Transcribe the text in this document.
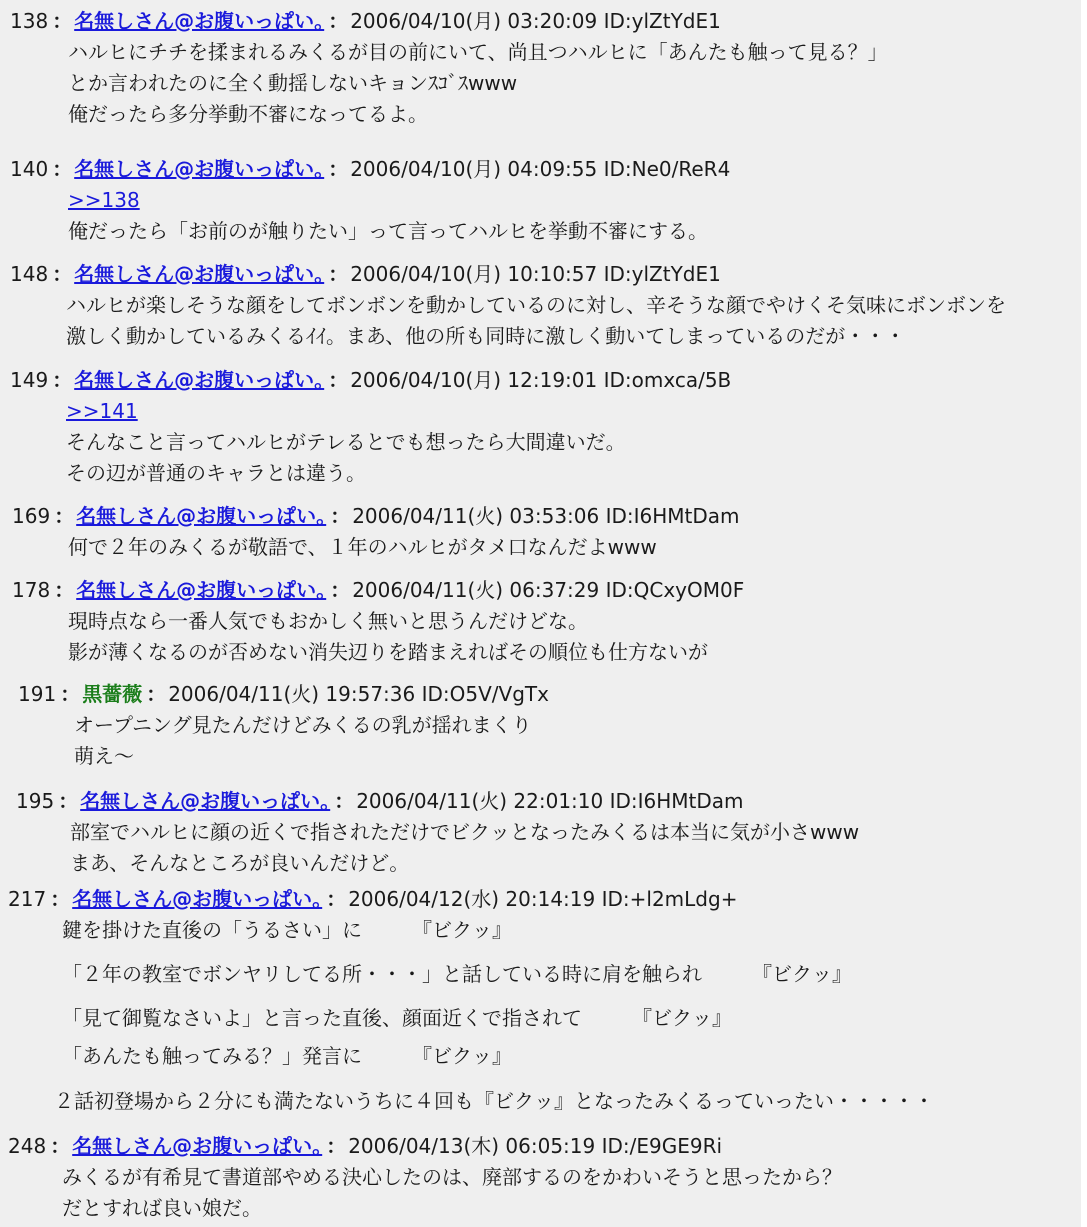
138 ： 名無しさん@お腹いっぱい。 ： 2006/04/10(月) 03:20:09 ID:ylZtYdE1
ハルヒにチチを揉まれるみくるが目の前にいて、尚且つハルヒに「あんたも触って見る？」
とか言われたのに全く動揺しないキョンｽｺﾞｽwww
俺だったら多分挙動不審になってるよ。
140 ： 名無しさん@お腹いっぱい。 ： 2006/04/10(月) 04:09:55 ID:Ne0/ReR4
>>138
俺だったら「お前のが触りたい」って言ってハルヒを挙動不審にする。
148 ： 名無しさん@お腹いっぱい。 ： 2006/04/10(月) 10:10:57 ID:ylZtYdE1
ハルヒが楽しそうな顔をしてボンボンを動かしているのに対し、辛そうな顔でやけくそ気味にボンボンを
激しく動かしているみくるｲｲ。まあ、他の所も同時に激しく動いてしまっているのだが・・・
149 ： 名無しさん@お腹いっぱい。 ： 2006/04/10(月) 12:19:01 ID:omxca/5B
>>141
そんなこと言ってハルヒがテレるとでも想ったら大間違いだ。
その辺が普通のキャラとは違う。
169 ： 名無しさん@お腹いっぱい。 ： 2006/04/11(火) 03:53:06 ID:I6HMtDam
何で２年のみくるが敬語で、１年のハルヒがタメ口なんだよwww
178 ： 名無しさん@お腹いっぱい。 ： 2006/04/11(火) 06:37:29 ID:QCxyOM0F
現時点なら一番人気でもおかしく無いと思うんだけどな。
影が薄くなるのが否めない消失辺りを踏まえればその順位も仕方ないが
191 ： 黒薔薇 ： 2006/04/11(火) 19:57:36 ID:O5V/VgTx
オープニング見たんだけどみくるの乳が揺れまくり
萌え～
195 ： 名無しさん@お腹いっぱい。 ： 2006/04/11(火) 22:01:10 ID:I6HMtDam
部室でハルヒに顔の近くで指されただけでビクッとなったみくるは本当に気が小さwww
まあ、そんなところが良いんだけど。
217 ： 名無しさん@お腹いっぱい。 ： 2006/04/12(水) 20:14:19 ID:+l2mLdg+
鍵を掛けた直後の「うるさい」に　　　『ビクッ』
「２年の教室でボンヤリしてる所・・・」と話している時に肩を触られ　　　『ビクッ』
「見て御覧なさいよ」と言った直後、顔面近くで指されて　　　『ビクッ』
「あんたも触ってみる？」発言に　　　『ビクッ』
２話初登場から２分にも満たないうちに４回も『ビクッ』となったみくるっていったい・・・・・
248 ： 名無しさん@お腹いっぱい。 ： 2006/04/13(木) 06:05:19 ID:/E9GE9Ri
みくるが有希見て書道部やめる決心したのは、廃部するのをかわいそうと思ったから？
だとすれば良い娘だ。
